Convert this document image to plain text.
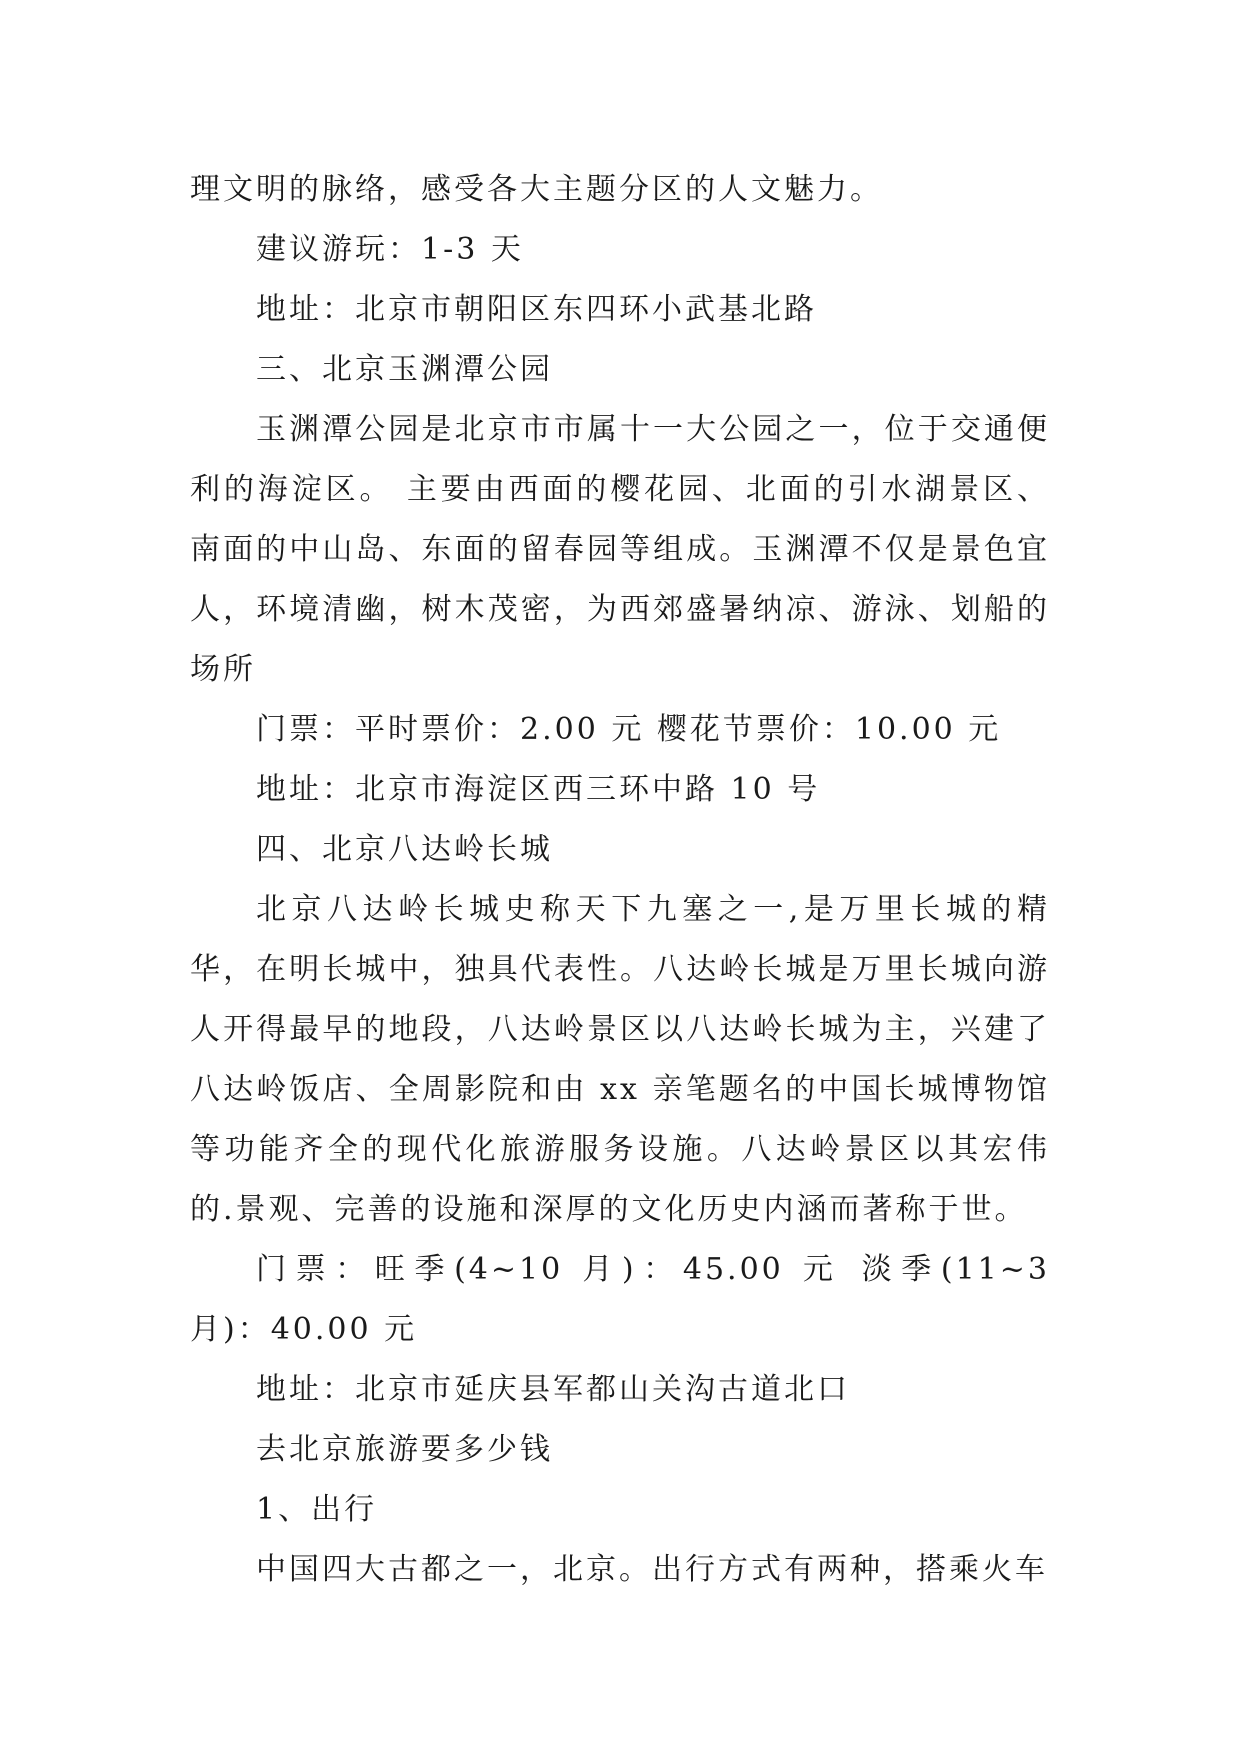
理文明的脉络，感受各大主题分区的人文魅力。

建议游玩：1-3 天

地址：北京市朝阳区东四环小武基北路

三、北京玉渊潭公园

玉渊潭公园是北京市市属十一大公园之一，位于交通便利的海淀区。 主要由西面的樱花园、北面的引水湖景区、南面的中山岛、东面的留春园等组成。玉渊潭不仅是景色宜人，环境清幽，树木茂密，为西郊盛暑纳凉、游泳、划船的场所

门票：平时票价：2.00 元 樱花节票价：10.00 元

地址：北京市海淀区西三环中路 10 号

四、北京八达岭长城

北京八达岭长城史称天下九塞之一,是万里长城的精华，在明长城中，独具代表性。八达岭长城是万里长城向游人开得最早的地段，八达岭景区以八达岭长城为主，兴建了八达岭饭店、全周影院和由 xx 亲笔题名的中国长城博物馆等功能齐全的现代化旅游服务设施。八达岭景区以其宏伟的.景观、完善的设施和深厚的文化历史内涵而著称于世。

门票：旺季(4~10 月)：45.00 元 淡季(11~3 月)：40.00 元

地址：北京市延庆县军都山关沟古道北口

去北京旅游要多少钱

1、出行

中国四大古都之一，北京。出行方式有两种，搭乘火车
